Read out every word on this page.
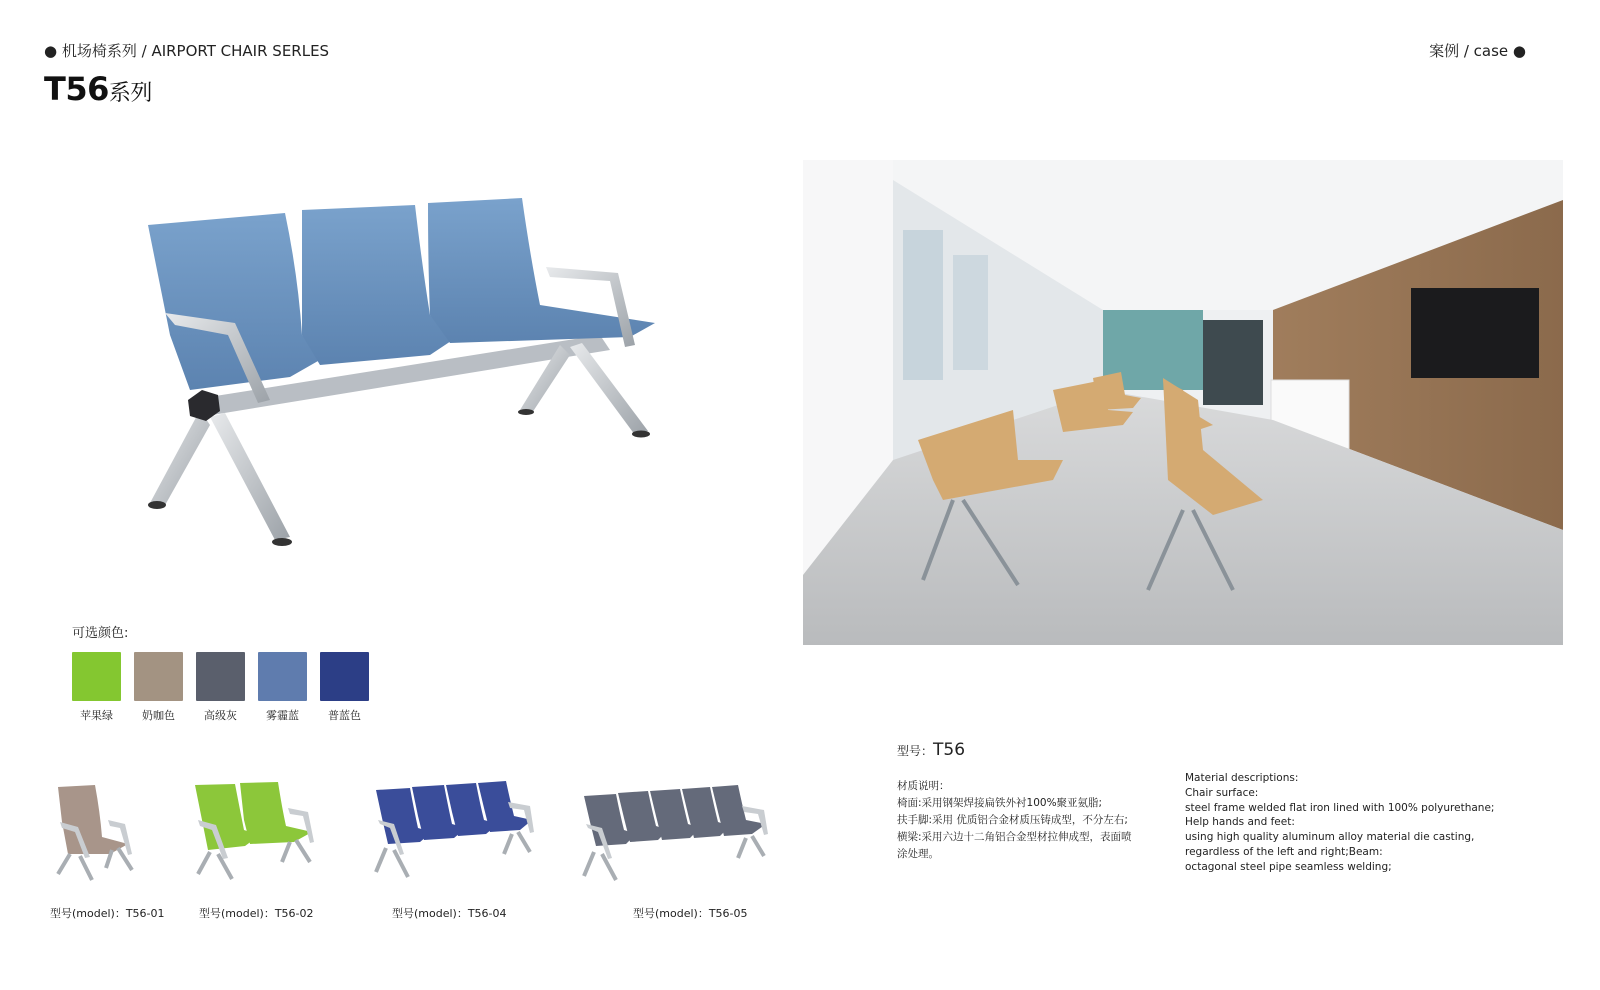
● 机场椅系列 / AIRPORT CHAIR SERLES	案例 / case ●
T56系列
可选颜色:
苹果绿	奶咖色	高级灰	雾霾蓝	普蓝色
型号(model)：T56-01	型号(model)：T56-02	型号(model)：T56-04	型号(model)：T56-05
型号：T56
材质说明：
椅面:采用钢架焊接扁铁外衬100%聚亚氨脂;
扶手脚:采用 优质铝合金材质压铸成型，不分左右;
横梁:采用六边十二角铝合金型材拉伸成型，表面喷
涂处理。
Material descriptions:
Chair surface:
steel frame welded flat iron lined with 100% polyurethane;
Help hands and feet:
using high quality aluminum alloy material die casting,
regardless of the left and right;Beam:
octagonal steel pipe seamless welding;
